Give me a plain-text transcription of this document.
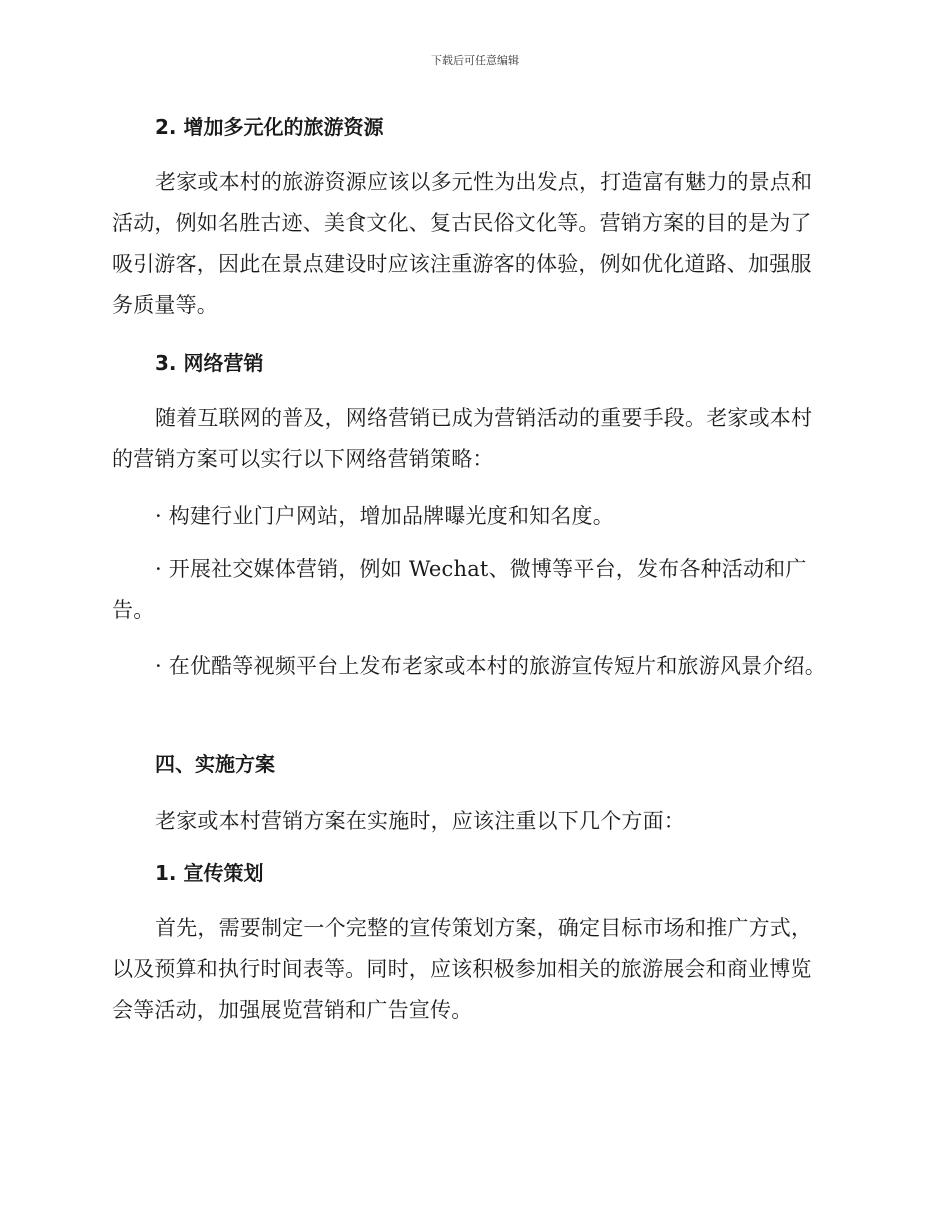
下载后可任意编辑
2. 增加多元化的旅游资源

老家或本村的旅游资源应该以多元性为出发点，打造富有魅力的景点和活动，例如名胜古迹、美食文化、复古民俗文化等。营销方案的目的是为了吸引游客，因此在景点建设时应该注重游客的体验，例如优化道路、加强服务质量等。

3. 网络营销

随着互联网的普及，网络营销已成为营销活动的重要手段。老家或本村的营销方案可以实行以下网络营销策略：

· 构建行业门户网站，增加品牌曝光度和知名度。

· 开展社交媒体营销，例如 Wechat、微博等平台，发布各种活动和广告。

· 在优酷等视频平台上发布老家或本村的旅游宣传短片和旅游风景介绍。

四、实施方案

老家或本村营销方案在实施时，应该注重以下几个方面：

1. 宣传策划

首先，需要制定一个完整的宣传策划方案，确定目标市场和推广方式，以及预算和执行时间表等。同时，应该积极参加相关的旅游展会和商业博览会等活动，加强展览营销和广告宣传。
